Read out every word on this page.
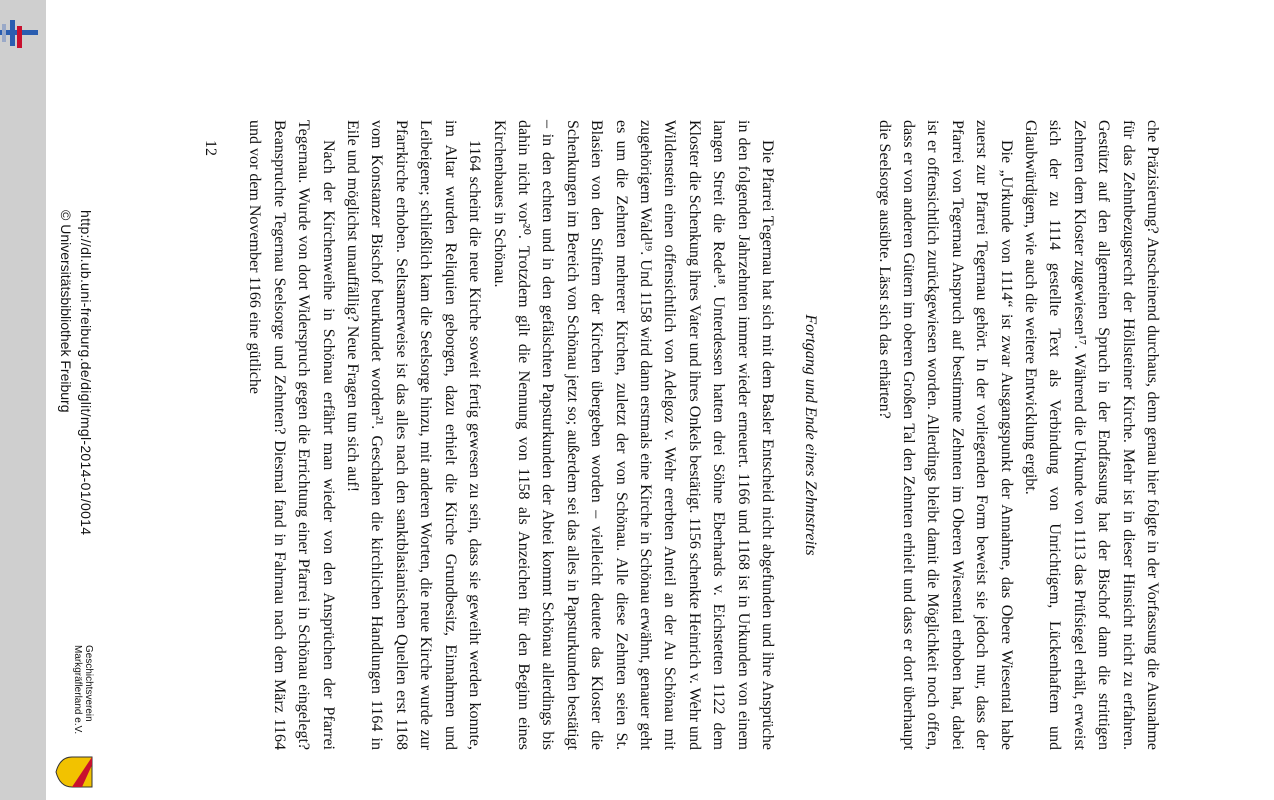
che Präzisierung? Anscheinend durchaus, denn genau hier folgte in der Vorfassung die Ausnahme für das Zehntbezugsrecht der Höllsteiner Kirche. Mehr ist in dieser Hinsicht nicht zu erfahren. Gestützt auf den allgemeinen Spruch in der Endfassung hat der Bischof dann die strittigen Zehnten dem Kloster zugewiesen¹⁷. Während die Urkunde von 1113 das Prüfsiegel erhält, erweist sich der zu 1114 gestellte Text als Verbindung von Unrichtigem, Lückenhaftem und Glaubwürdigem, wie auch die weitere Entwicklung ergibt.

Die „Urkunde von 1114“ ist zwar Ausgangspunkt der Annahme, das Obere Wiesental habe zuerst zur Pfarrei Tegernau gehört. In der vorliegenden Form beweist sie jedoch nur, dass der Pfarrei von Tegernau Anspruch auf bestimmte Zehnten im Oberen Wiesental erhoben hat, dabei ist er offensichtlich zurückgewiesen worden. Allerdings bleibt damit die Möglichkeit noch offen, dass er von anderen Gütern im oberen Großen Tal den Zehnten erhielt und dass er dort überhaupt die Seelsorge ausübte. Lässt sich das erhärten?

Fortgang und Ende eines Zehntstreits

Die Pfarrei Tegernau hat sich mit dem Basler Entscheid nicht abgefunden und ihre Ansprüche in den folgenden Jahrzehnten immer wieder erneuert. 1166 und 1168 ist in Urkunden von einem langen Streit die Rede¹⁸. Unterdessen hatten drei Söhne Eberhards v. Eichstetten 1122 dem Kloster die Schenkung ihres Vater und ihres Onkels bestätigt. 1156 schenkte Heinrich v. Wehr und Wildenstein einen offensichtlich von Adelgoz v. Wehr ererbten Anteil an der Au Schönau mit zugehörigem Wald¹⁹. Und 1158 wird dann erstmals eine Kirche in Schönau erwähnt, genauer geht es um die Zehnten mehrerer Kirchen, zuletzt der von Schönau. Alle diese Zehnten seien St. Blasien von den Stiftern der Kirchen übergeben worden – vielleicht deutete das Kloster die Schenkungen im Bereich von Schönau jetzt so; außerdem sei das alles in Papsturkunden bestätigt – in den echten und in den gefälschten Papsturkunden der Abtei kommt Schönau allerdings bis dahin nicht vor²⁰. Trotzdem gilt die Nennung von 1158 als Anzeichen für den Beginn eines Kirchenbaues in Schönau.

1164 scheint die neue Kirche soweit fertig gewesen zu sein, dass sie geweiht werden konnte, im Altar wurden Reliquien geborgen, dazu erhielt die Kirche Grundbesitz, Einnahmen und Leibeigene; schließlich kam die Seelsorge hinzu, mit anderen Worten, die neue Kirche wurde zur Pfarrkirche erhoben. Seltsamerweise ist das alles nach den sanktblasianischen Quellen erst 1168 vom Konstanzer Bischof beurkundet worden²¹. Geschahen die kirchlichen Handlungen 1164 in Eile und möglichst unauffällig? Neue Fragen tun sich auf!

Nach der Kirchenweihe in Schönau erfährt man wieder von den Ansprüchen der Pfarrei Tegernau. Wurde von dort Widerspruch gegen die Errichtung einer Pfarrei in Schönau eingelegt? Beanspruchte Tegernau Seelsorge und Zehnten? Diesmal fand in Fahrnau nach dem März 1164 und vor dem November 1166 eine gütliche

12
http://dl.ub.uni-freiburg.de/diglit/mgl-2014-01/0014
© Universitätsbibliothek Freiburg
Geschichtsverein Markgräflerland e.V.
